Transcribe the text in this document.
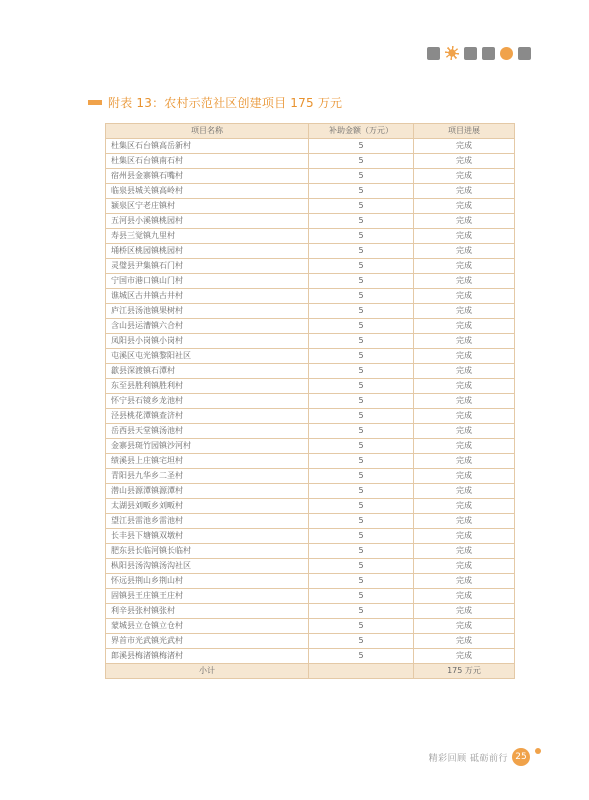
附表 13：农村示范社区创建项目 175 万元
项目名称	补助金额（万元）	项目进展
杜集区石台镇高岳新村	5	完成
杜集区石台镇南石村	5	完成
宿州县金寨镇石嘴村	5	完成
临泉县城关镇高岭村	5	完成
颍泉区宁老庄镇村	5	完成
五河县小溪镇桃园村	5	完成
寿县三觉镇九里村	5	完成
埇桥区桃园镇桃园村	5	完成
灵璧县尹集镇石门村	5	完成
宁国市港口镇山门村	5	完成
谯城区古井镇古井村	5	完成
庐江县汤池镇果树村	5	完成
含山县运漕镇六合村	5	完成
凤阳县小岗镇小岗村	5	完成
屯溪区屯光镇黎阳社区	5	完成
歙县深渡镇石潭村	5	完成
东至县胜利镇胜利村	5	完成
怀宁县石镜乡龙池村	5	完成
泾县桃花潭镇查济村	5	完成
岳西县天堂镇汤池村	5	完成
金寨县斑竹园镇沙河村	5	完成
绩溪县上庄镇宅坦村	5	完成
青阳县九华乡二圣村	5	完成
潜山县源潭镇源潭村	5	完成
太湖县刘畈乡刘畈村	5	完成
望江县雷池乡雷池村	5	完成
长丰县下塘镇双墩村	5	完成
肥东县长临河镇长临村	5	完成
枞阳县汤沟镇汤沟社区	5	完成
怀远县荆山乡荆山村	5	完成
固镇县王庄镇王庄村	5	完成
利辛县张村镇张村	5	完成
蒙城县立仓镇立仓村	5	完成
界首市光武镇光武村	5	完成
郎溪县梅渚镇梅渚村	5	完成
小计		175 万元
精彩回顾 砥砺前行 25
